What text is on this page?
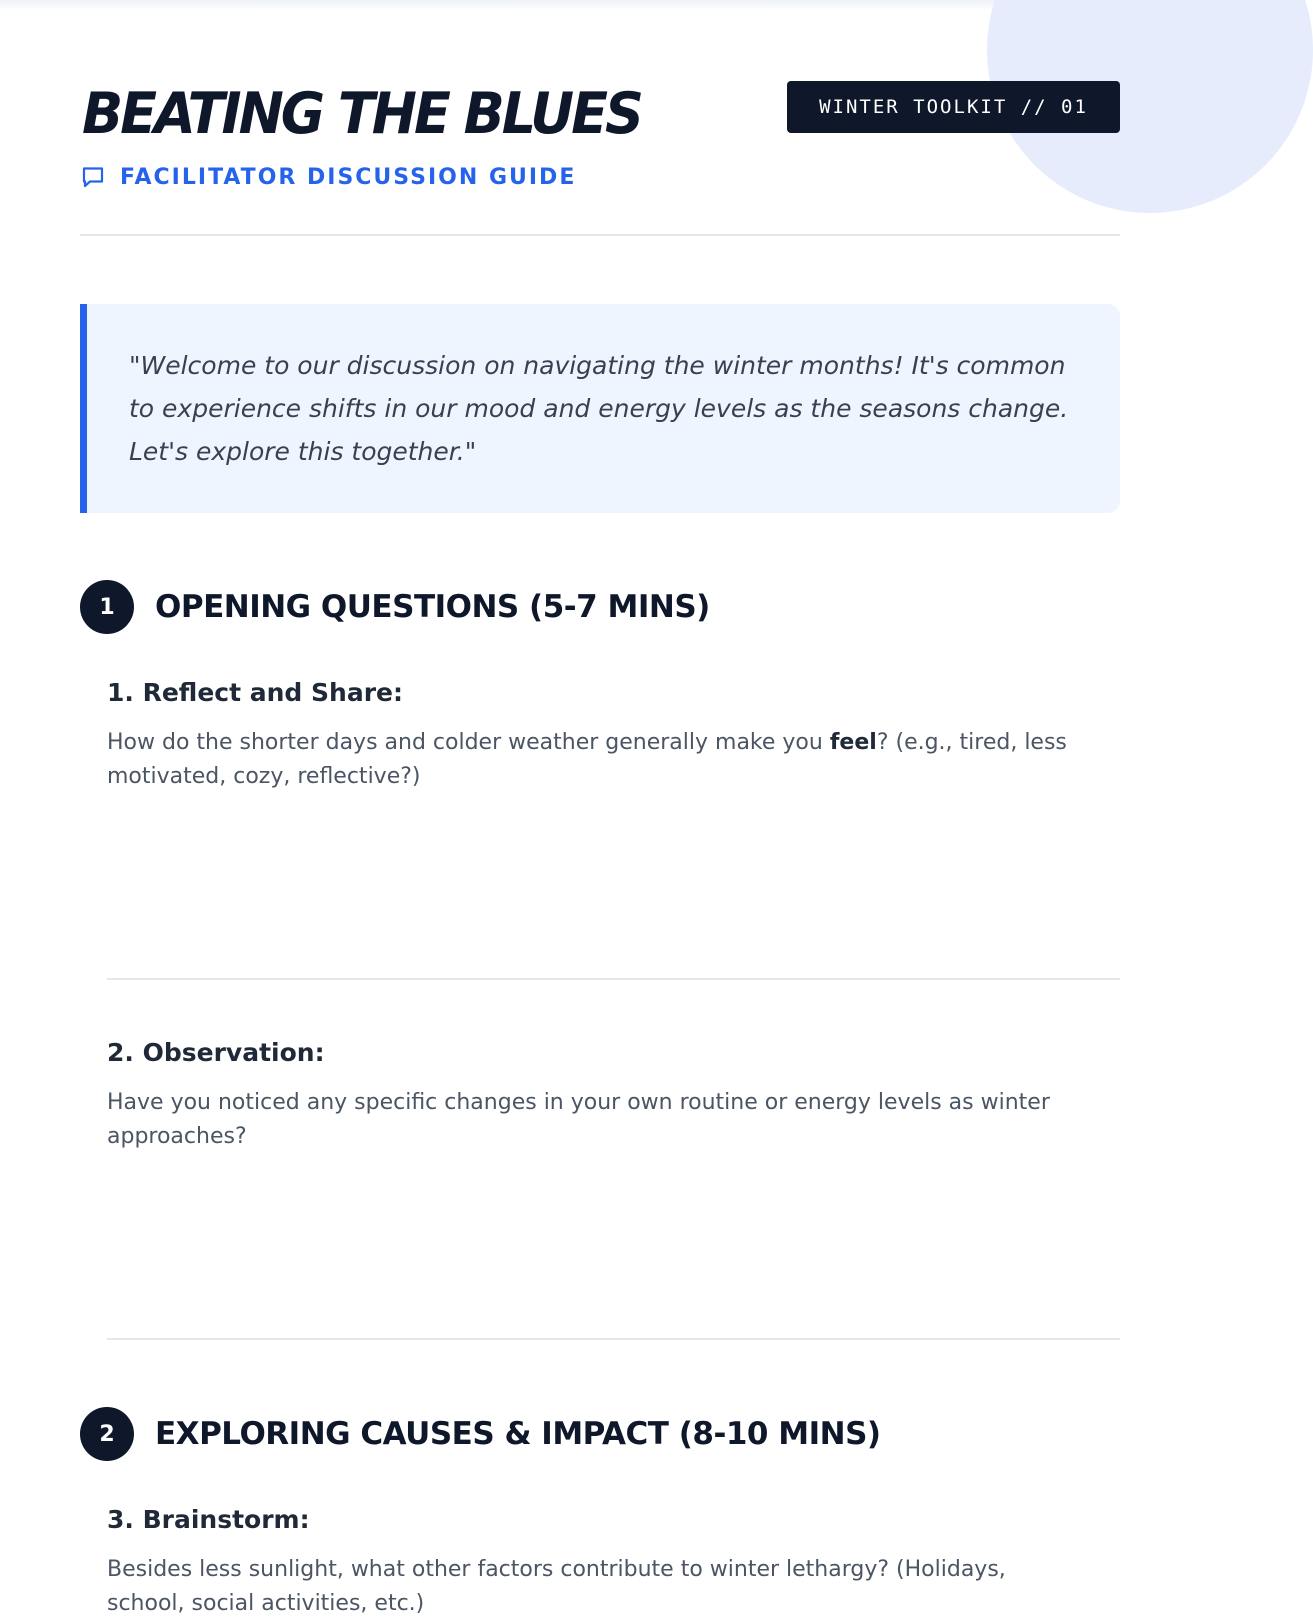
BEATING THE BLUES	WINTER TOOLKIT // 01
FACILITATOR DISCUSSION GUIDE

"Welcome to our discussion on navigating the winter months! It's common to experience shifts in our mood and energy levels as the seasons change. Let's explore this together."

1	OPENING QUESTIONS (5-7 MINS)
1. Reflect and Share:

How do the shorter days and colder weather generally make you feel? (e.g., tired, less motivated, cozy, reflective?)

2. Observation:

Have you noticed any specific changes in your own routine or energy levels as winter approaches?

2	EXPLORING CAUSES & IMPACT (8-10 MINS)
3. Brainstorm:

Besides less sunlight, what other factors contribute to winter lethargy? (Holidays, school, social activities, etc.)
